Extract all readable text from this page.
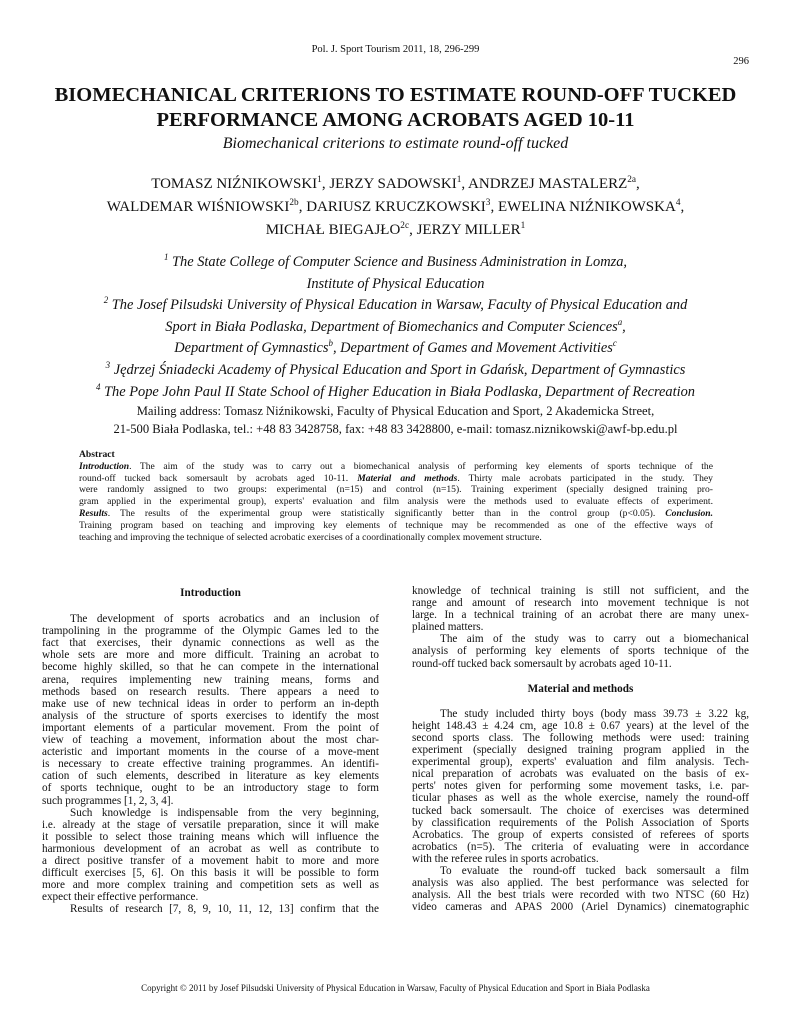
Pol. J. Sport Tourism 2011, 18, 296-299
296
BIOMECHANICAL CRITERIONS TO ESTIMATE ROUND-OFF TUCKED
PERFORMANCE AMONG ACROBATS AGED 10-11
Biomechanical criterions to estimate round-off tucked
TOMASZ NIŹNIKOWSKI$^1$, JERZY SADOWSKI$^1$, ANDRZEJ $MASTALERZ^{2a}$,
WALDEMAR $WIŚNIOWSKI^{2b}$, DARIUSZ KRUCZKOWSKI$^3$, EWELINA NIŹNIKOWSKA$^4$,
MICHAŁ $BIEGAJŁO^{2c}$, JERZY MILLER$^1$
$^1$ The State College of Computer Science and Business Administration in Lomza,
Institute of Physical Education
$^2$ The Josef Pilsudski University of Physical Education in Warsaw, Faculty of Physical Education and
Sport in Biała Podlaska, Department of Biomechanics and Computer Sciences$^a$,
Department of Gymnastics$^b$, Department of Games and Movement Activities$^c$
$^3$ Jędrzej Śniadecki Academy of Physical Education and Sport in Gdańsk, Department of Gymnastics
$^4$ The Pope John Paul II State School of Higher Education in Biała Podlaska, Department of Recreation
Mailing address: Tomasz Niźnikowski, Faculty of Physical Education and Sport, 2 Akademicka Street,
21-500 Biała Podlaska, tel.: +48 83 3428758, fax: +48 83 3428800, e-mail: tomasz.niznikowski@awf-bp.edu.pl
Abstract
Introduction. The aim of the study was to carry out a biomechanical analysis of performing key elements of sports technique of the
round-off tucked back somersault by acrobats aged 10-11. Material and methods. Thirty male acrobats participated in the study. They
were randomly assigned to two groups: experimental (n=15) and control (n=15). Training experiment (specially designed training pro-
gram applied in the experimental group), experts' evaluation and film analysis were the methods used to evaluate effects of experiment.
Results. The results of the experimental group were statistically significantly better than in the control group (p<0.05). Conclusion.
Training program based on teaching and improving key elements of technique may be recommended as one of the effective ways of
teaching and improving the technique of selected acrobatic exercises of a coordinationally complex movement structure.
Introduction
The development of sports acrobatics and an inclusion of
trampolining in the programme of the Olympic Games led to the
fact that exercises, their dynamic connections as well as the
whole sets are more and more difficult. Training an acrobat to
become highly skilled, so that he can compete in the international
arena, requires implementing new training means, forms and
methods based on research results. There appears a need to
make use of new technical ideas in order to perform an in-depth
analysis of the structure of sports exercises to identify the most
important elements of a particular movement. From the point of
view of teaching a movement, information about the most char-
acteristic and important moments in the course of a move-ment
is necessary to create effective training programmes. An identifi-
cation of such elements, described in literature as key elements
of sports technique, ought to be an introductory stage to form
such programmes [1, 2, 3, 4].
Such knowledge is indispensable from the very beginning,
i.e. already at the stage of versatile preparation, since it will make
it possible to select those training means which will influence the
harmonious development of an acrobat as well as contribute to
a direct positive transfer of a movement habit to more and more
difficult exercises [5, 6]. On this basis it will be possible to form
more and more complex training and competition sets as well as
expect their effective performance.
Results of research [7, 8, 9, 10, 11, 12, 13] confirm that the
knowledge of technical training is still not sufficient, and the
range and amount of research into movement technique is not
large. In a technical training of an acrobat there are many unex-
plained matters.
The aim of the study was to carry out a biomechanical
analysis of performing key elements of sports technique of the
round-off tucked back somersault by acrobats aged 10-11.
Material and methods
The study included thirty boys (body mass 39.73 ± 3.22 kg,
height 148.43 ± 4.24 cm, age 10.8 ± 0.67 years) at the level of the
second sports class. The following methods were used: training
experiment (specially designed training program applied in the
experimental group), experts' evaluation and film analysis. Tech-
nical preparation of acrobats was evaluated on the basis of ex-
perts' notes given for performing some movement tasks, i.e. par-
ticular phases as well as the whole exercise, namely the round-off
tucked back somersault. The choice of exercises was determined
by classification requirements of the Polish Association of Sports
Acrobatics. The group of experts consisted of referees of sports
acrobatics (n=5). The criteria of evaluating were in accordance
with the referee rules in sports acrobatics.
To evaluate the round-off tucked back somersault a film
analysis was also applied. The best performance was selected for
analysis. All the best trials were recorded with two NTSC (60 Hz)
video cameras and APAS 2000 (Ariel Dynamics) cinematographic
Copyright © 2011 by Josef Pilsudski University of Physical Education in Warsaw, Faculty of Physical Education and Sport in Biała Podlaska
